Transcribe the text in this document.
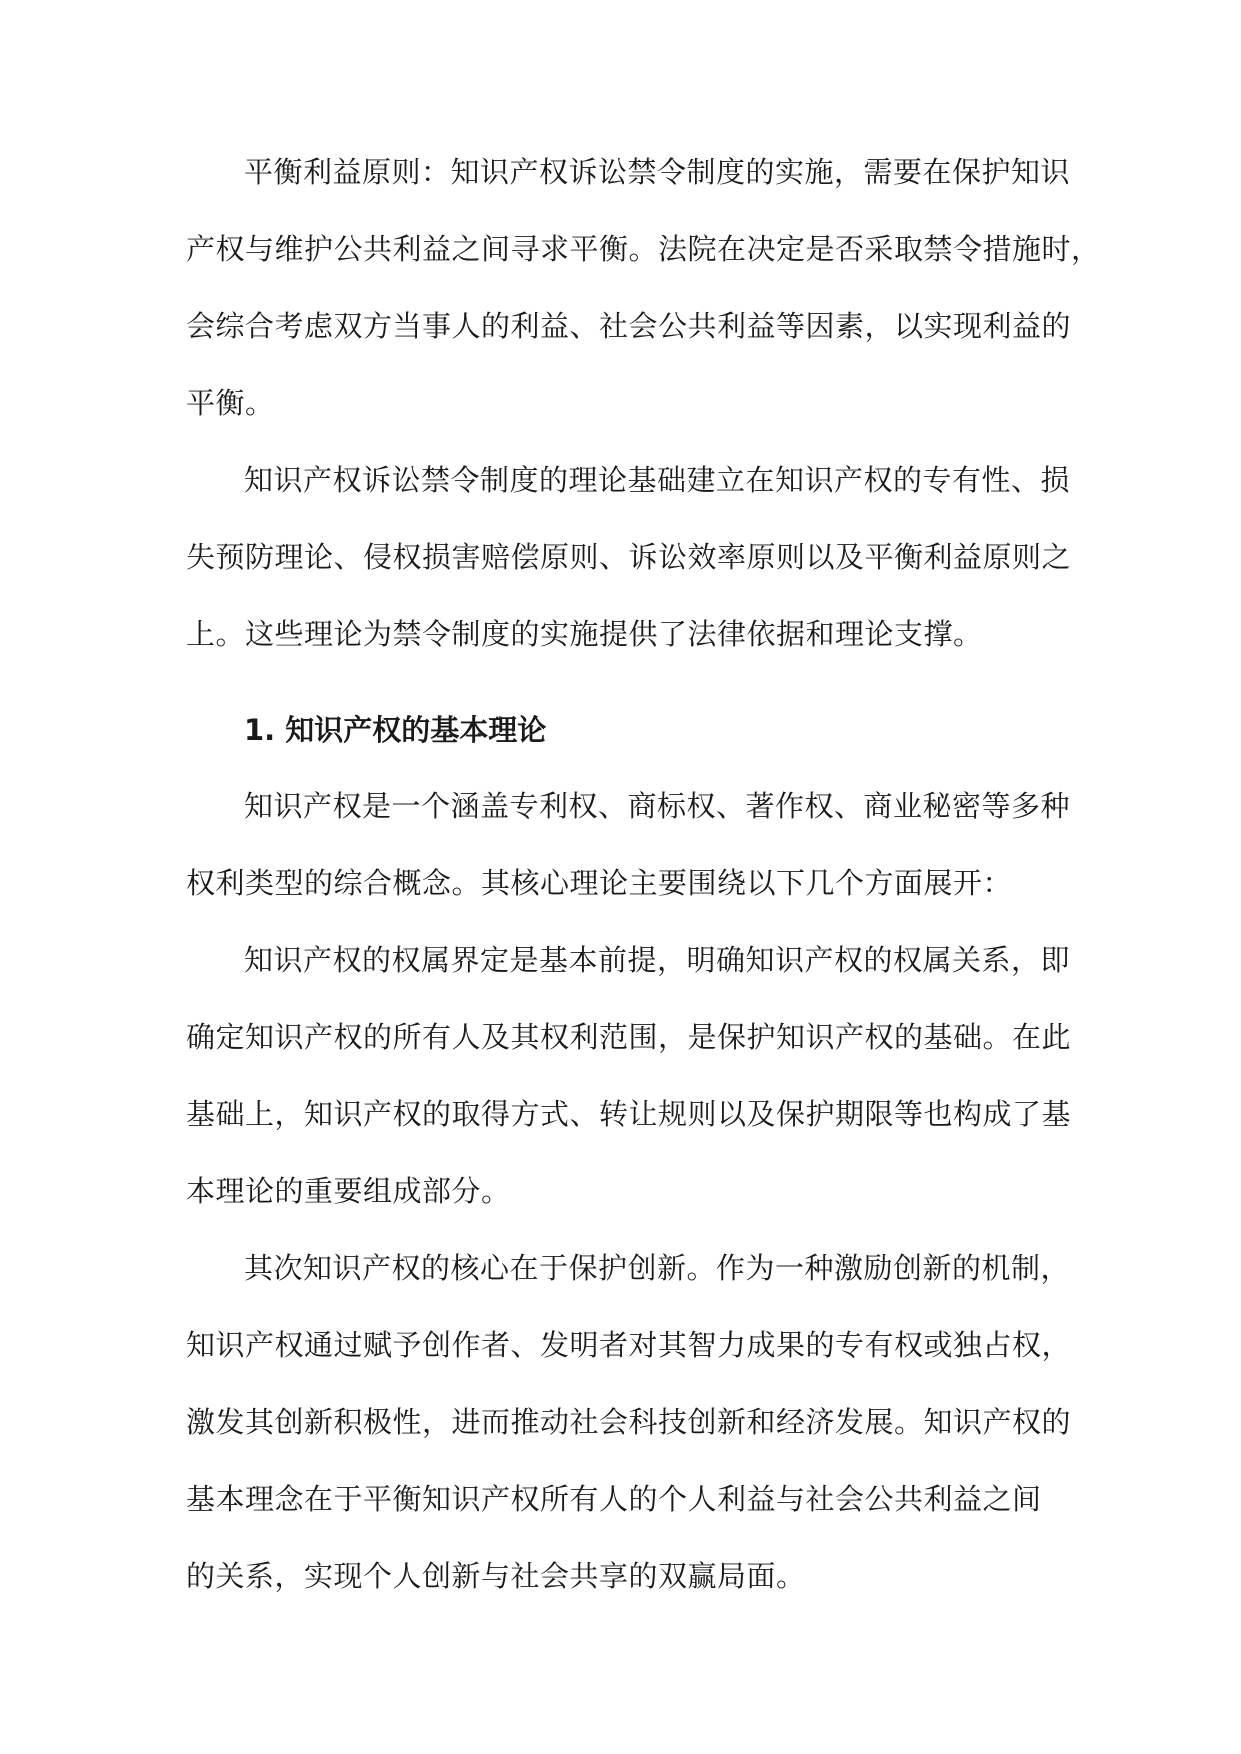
平衡利益原则：知识产权诉讼禁令制度的实施，需要在保护知识
产权与维护公共利益之间寻求平衡。法院在决定是否采取禁令措施时，
会综合考虑双方当事人的利益、社会公共利益等因素，以实现利益的
平衡。
知识产权诉讼禁令制度的理论基础建立在知识产权的专有性、损
失预防理论、侵权损害赔偿原则、诉讼效率原则以及平衡利益原则之
上。这些理论为禁令制度的实施提供了法律依据和理论支撑。
1. 知识产权的基本理论
知识产权是一个涵盖专利权、商标权、著作权、商业秘密等多种
权利类型的综合概念。其核心理论主要围绕以下几个方面展开：
知识产权的权属界定是基本前提，明确知识产权的权属关系，即
确定知识产权的所有人及其权利范围，是保护知识产权的基础。在此
基础上，知识产权的取得方式、转让规则以及保护期限等也构成了基
本理论的重要组成部分。
其次知识产权的核心在于保护创新。作为一种激励创新的机制，
知识产权通过赋予创作者、发明者对其智力成果的专有权或独占权，
激发其创新积极性，进而推动社会科技创新和经济发展。知识产权的
基本理念在于平衡知识产权所有人的个人利益与社会公共利益之间
的关系，实现个人创新与社会共享的双赢局面。
